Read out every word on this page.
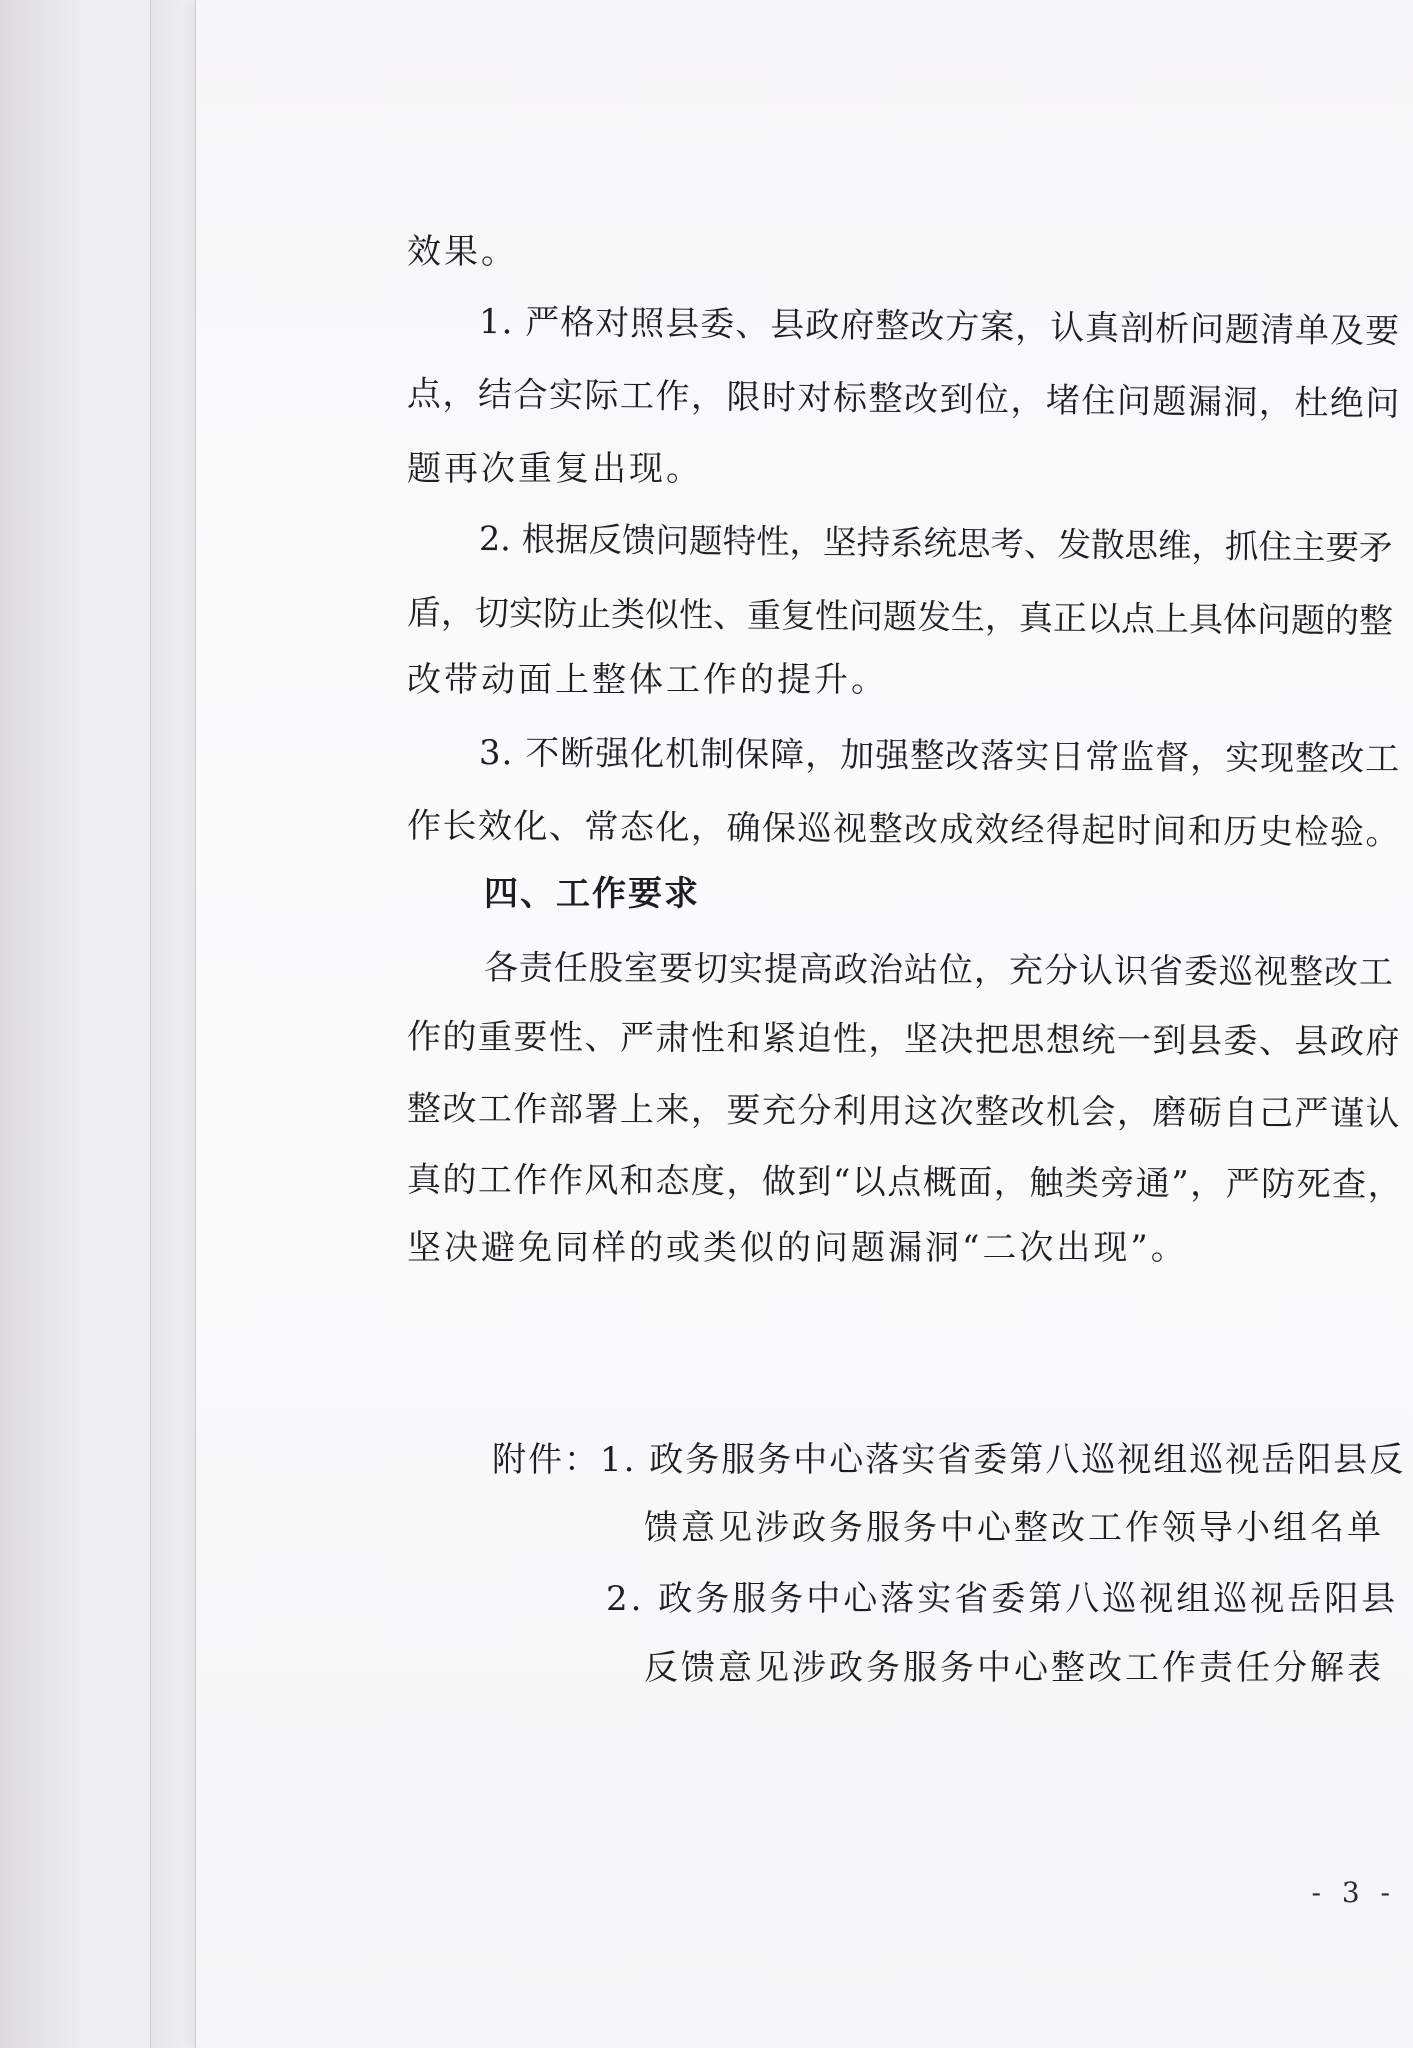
效果。
1. 严格对照县委、县政府整改方案，认真剖析问题清单及要
点，结合实际工作，限时对标整改到位，堵住问题漏洞，杜绝问
题再次重复出现。
2. 根据反馈问题特性，坚持系统思考、发散思维，抓住主要矛
盾，切实防止类似性、重复性问题发生，真正以点上具体问题的整
改带动面上整体工作的提升。
3. 不断强化机制保障，加强整改落实日常监督，实现整改工
作长效化、常态化，确保巡视整改成效经得起时间和历史检验。
四、工作要求
各责任股室要切实提高政治站位，充分认识省委巡视整改工
作的重要性、严肃性和紧迫性，坚决把思想统一到县委、县政府
整改工作部署上来，要充分利用这次整改机会，磨砺自己严谨认
真的工作作风和态度，做到“以点概面，触类旁通”，严防死查，
坚决避免同样的或类似的问题漏洞“二次出现”。
附件：1. 政务服务中心落实省委第八巡视组巡视岳阳县反
馈意见涉政务服务中心整改工作领导小组名单
2. 政务服务中心落实省委第八巡视组巡视岳阳县
反馈意见涉政务服务中心整改工作责任分解表
- 3 -
